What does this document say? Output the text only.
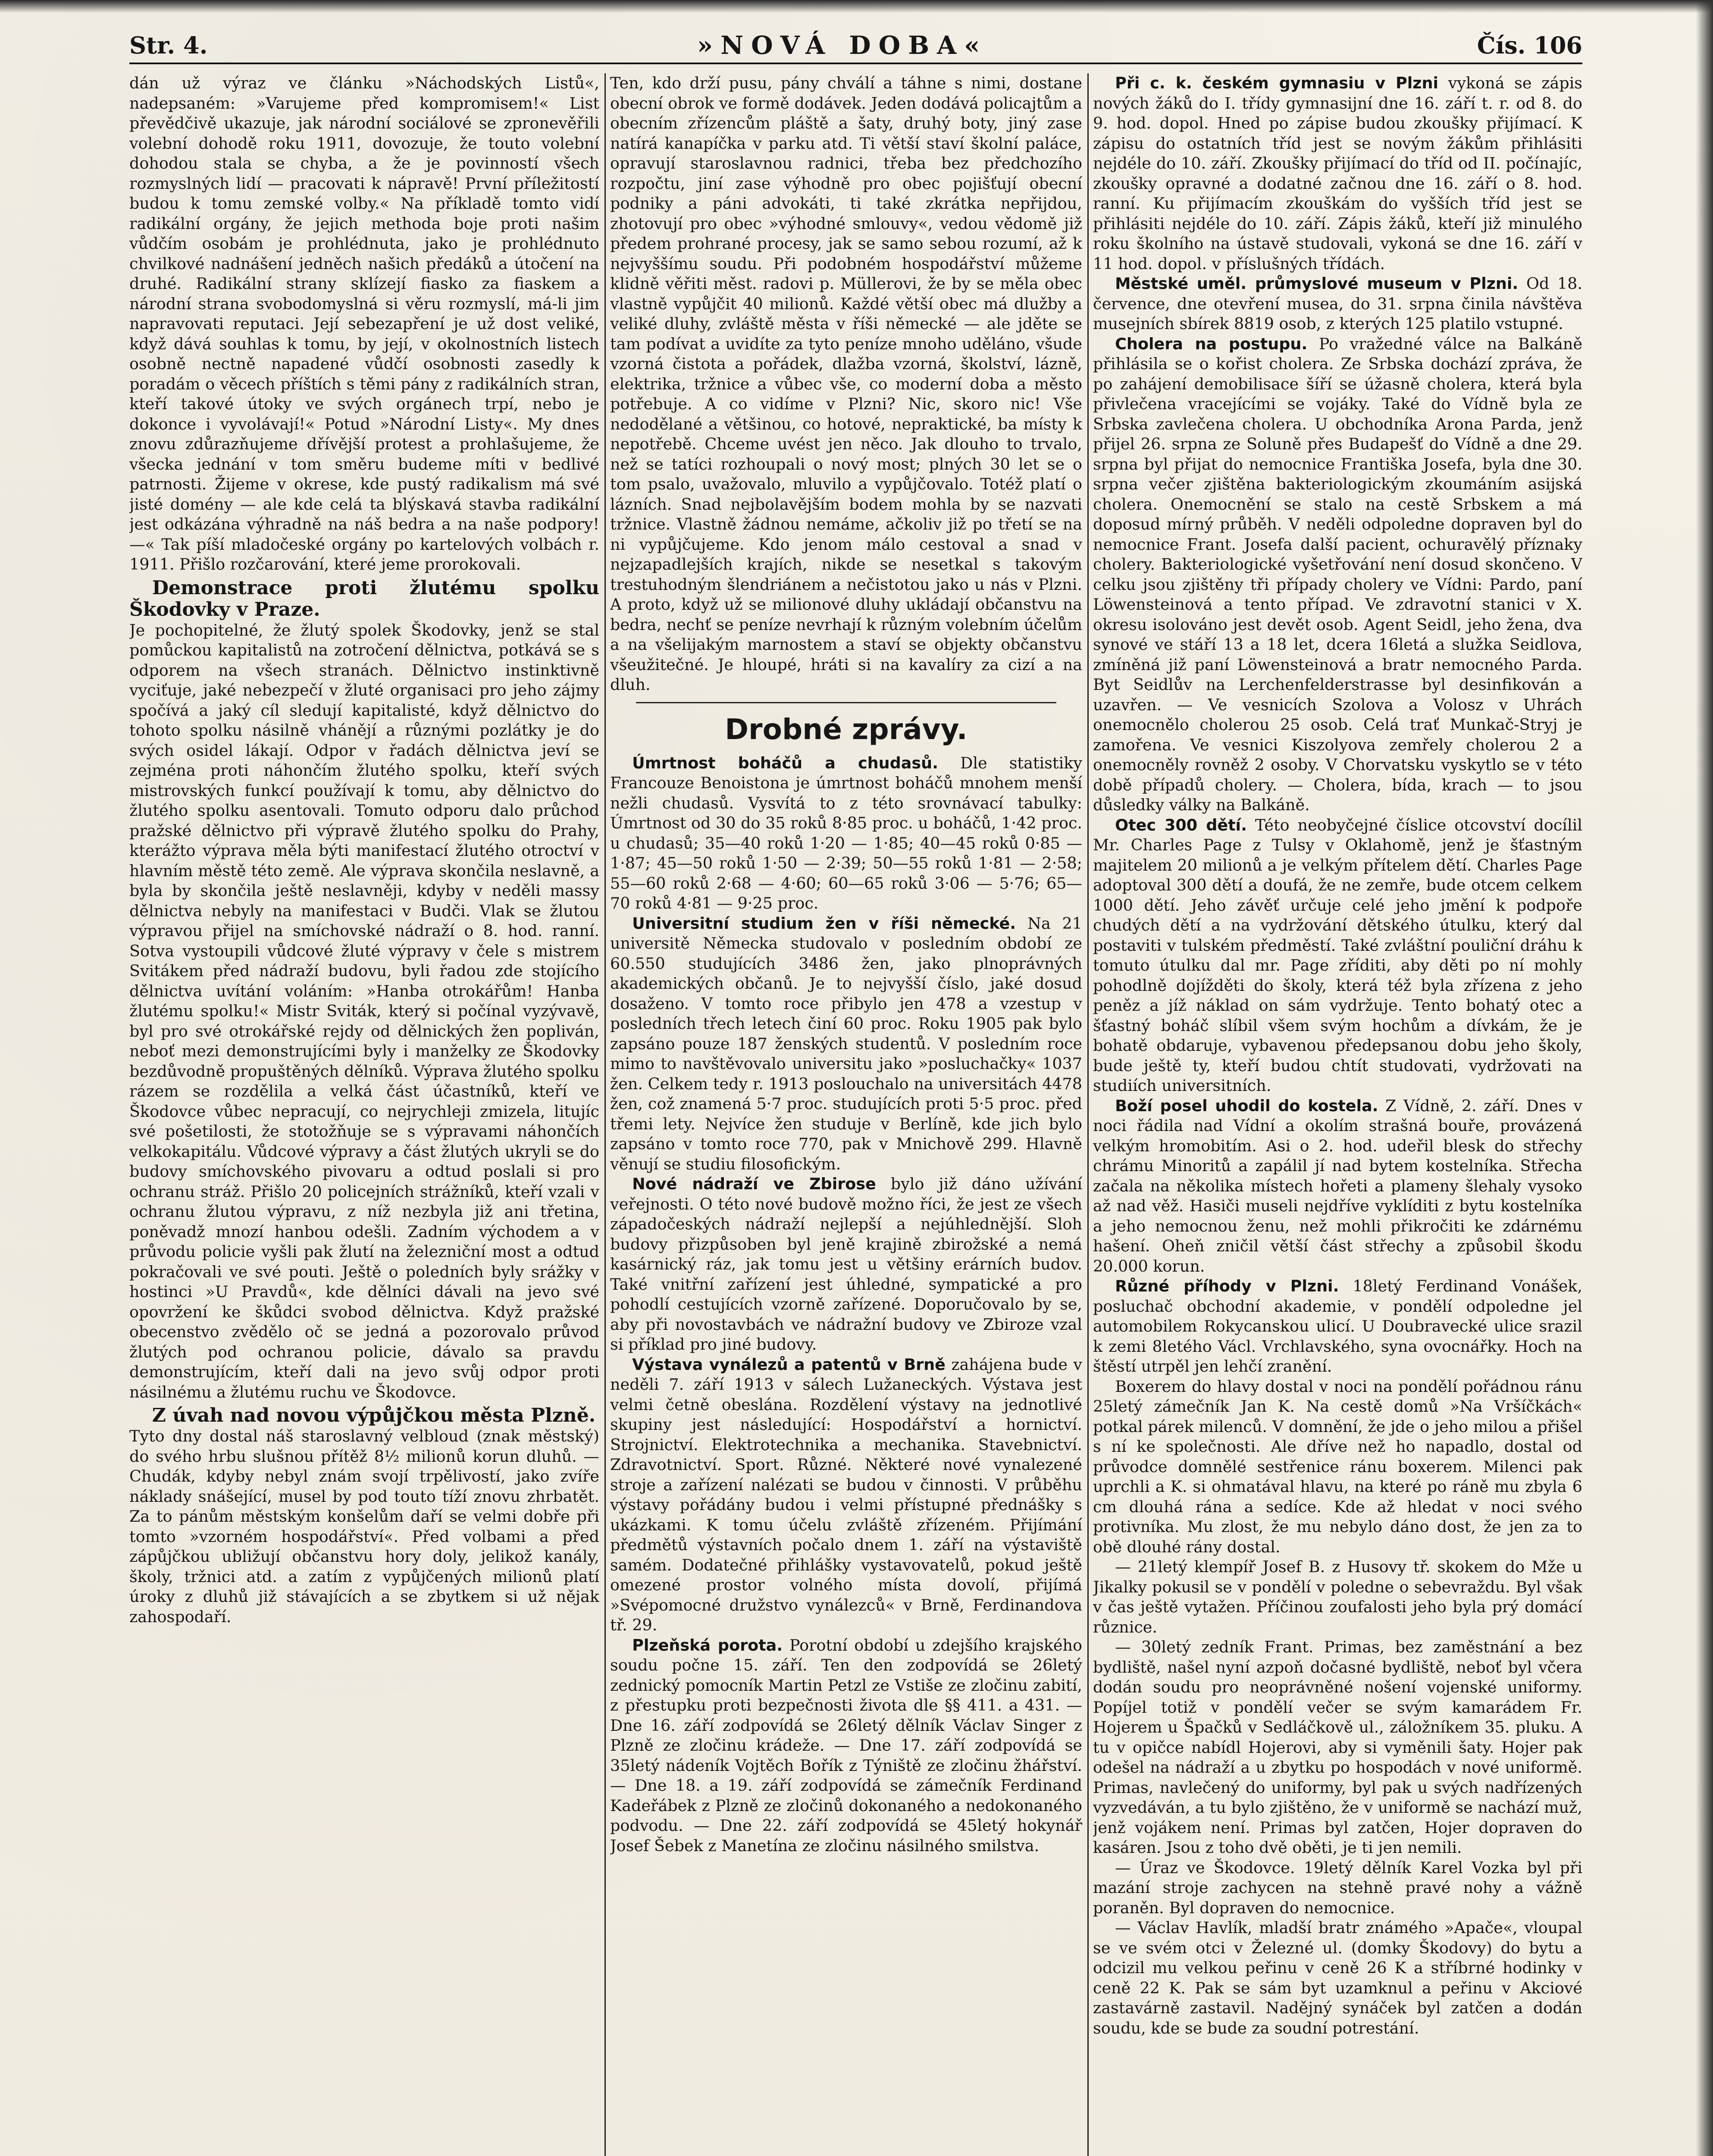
Str. 4.	»NOVÁ DOBA«	Čís. 106

dán už výraz ve článku »Náchodských Listů«, nadepsaném: »Varujeme před kompromisem!« List převědčivě ukazuje, jak národní sociálové se zpronevěřili volební dohodě roku 1911, dovozuje, že touto volební dohodou stala se chyba, a že je povinností všech rozmyslných lidí — pracovati k nápravě! První příležitostí budou k tomu zemské volby.« Na příkladě tomto vidí radikální orgány, že jejich methoda boje proti našim vůdčím osobám je prohlédnuta, jako je prohlédnuto chvilkové nadnášení jedněch našich předáků a útočení na druhé. Radikální strany sklízejí fiasko za fiaskem a národní strana svobodomyslná si věru rozmyslí, má-li jim napravovati reputaci. Její sebezapření je už dost veliké, když dává souhlas k tomu, by její, v okolnostních listech osobně nectně napadené vůdčí osobnosti zasedly k poradám o věcech příštích s těmi pány z radikálních stran, kteří takové útoky ve svých orgánech trpí, nebo je dokonce i vyvolávají!« Potud »Národní Listy«. My dnes znovu zdůrazňujeme dřívější protest a prohlašujeme, že všecka jednání v tom směru budeme míti v bedlivé patrnosti. Žijeme v okrese, kde pustý radikalism má své jisté domény — ale kde celá ta blýskavá stavba radikální jest odkázána výhradně na náš bedra a na naše podpory! —« Tak píší mladočeské orgány po kartelových volbách r. 1911. Přišlo rozčarování, které jeme prorokovali.

Demonstrace proti žlutému spolku Škodovky v Praze.

Je pochopitelné, že žlutý spolek Škodovky, jenž se stal pomůckou kapitalistů na zotročení dělnictva, potkává se s odporem na všech stranách. Dělnictvo instinktivně vyciťuje, jaké nebezpečí v žluté organisaci pro jeho zájmy spočívá a jaký cíl sledují kapitalisté, když dělnictvo do tohoto spolku násilně vhánějí a různými pozlátky je do svých osidel lákají. Odpor v řadách dělnictva jeví se zejména proti náhončím žlutého spolku, kteří svých mistrovských funkcí používají k tomu, aby dělnictvo do žlutého spolku asentovali. Tomuto odporu dalo průchod pražské dělnictvo při výpravě žlutého spolku do Prahy, kterážto výprava měla býti manifestací žlutého otroctví v hlavním městě této země. Ale výprava skončila neslavně, a byla by skončila ještě neslavněji, kdyby v neděli massy dělnictva nebyly na manifestaci v Budči. Vlak se žlutou výpravou přijel na smíchovské nádraží o 8. hod. ranní. Sotva vystoupili vůdcové žluté výpravy v čele s mistrem Svitákem před nádraží budovu, byli řadou zde stojícího dělnictva uvítání voláním: »Hanba otrokářům! Hanba žlutému spolku!« Mistr Sviták, který si počínal vyzývavě, byl pro své otrokářské rejdy od dělnických žen popliván, neboť mezi demonstrujícími byly i manželky ze Škodovky bezdůvodně propuštěných dělníků. Výprava žlutého spolku rázem se rozdělila a velká část účastníků, kteří ve Škodovce vůbec nepracují, co nejrychleji zmizela, litujíc své pošetilosti, že stotožňuje se s výpravami náhončích velkokapitálu. Vůdcové výpravy a část žlutých ukryli se do budovy smíchovského pivovaru a odtud poslali si pro ochranu stráž. Přišlo 20 policejních strážníků, kteří vzali v ochranu žlutou výpravu, z níž nezbyla již ani třetina, poněvadž mnozí hanbou odešli. Zadním východem a v průvodu policie vyšli pak žlutí na železniční most a odtud pokračovali ve své pouti. Ještě o poledních byly srážky v hostinci »U Pravdů«, kde dělníci dávali na jevo své opovržení ke škůdci svobod dělnictva. Když pražské obecenstvo zvědělo oč se jedná a pozorovalo průvod žlutých pod ochranou policie, dávalo sa pravdu demonstrujícím, kteří dali na jevo svůj odpor proti násilnému a žlutému ruchu ve Škodovce.

Z úvah nad novou výpůjčkou města Plzně.

Tyto dny dostal náš staroslavný velbloud (znak městský) do svého hrbu slušnou přítěž 8½ milionů korun dluhů. — Chudák, kdyby nebyl znám svojí trpělivostí, jako zvíře náklady snášející, musel by pod touto tíží znovu zhrbatět. Za to pánům městským konšelům daří se velmi dobře při tomto »vzorném hospodářství«. Před volbami a před zápůjčkou ubližují občanstvu hory doly, jelikož kanály, školy, tržnici atd. a zatím z vypůjčených milionů platí úroky z dluhů již stávajících a se zbytkem si už nějak zahospodaří.

Ten, kdo drží pusu, pány chválí a táhne s nimi, dostane obecní obrok ve formě dodávek. Jeden dodává policajtům a obecním zřízencům pláště a šaty, druhý boty, jiný zase natírá kanapíčka v parku atd. Ti větší staví školní paláce, opravují staroslavnou radnici, třeba bez předchozího rozpočtu, jiní zase výhodně pro obec pojišťují obecní podniky a páni advokáti, ti také zkrátka nepřijdou, zhotovují pro obec »výhodné smlouvy«, vedou vědomě již předem prohrané procesy, jak se samo sebou rozumí, až k nejvyššímu soudu. Při podobném hospodářství můžeme klidně věřiti měst. radovi p. Müllerovi, že by se měla obec vlastně vypůjčit 40 milionů. Každé větší obec má dlužby a veliké dluhy, zvláště města v říši německé — ale jděte se tam podívat a uvidíte za tyto peníze mnoho udělánо, všude vzorná čistota a pořádek, dlažba vzorná, školství, lázně, elektrika, tržnice a vůbec vše, co moderní doba a město potřebuje. A co vidíme v Plzni? Nic, skoro nic! Vše nedodělané a většinou, co hotové, nepraktické, ba místy k nepotřebě. Chceme uvést jen něco. Jak dlouho to trvalo, než se tatíci rozhoupali o nový most; plných 30 let se o tom psalo, uvažovalo, mluvilo a vypůjčovalo. Totéž platí o lázních. Snad nejbolavějším bodem mohla by se nazvati tržnice. Vlastně žádnou nemáme, ačkoliv již po třetí se na ni vypůjčujeme. Kdo jenom málo cestoval a snad v nejzapadlejších krajích, nikde se nesetkal s takovým trestuhodným šlendriánem a nečistotou jako u nás v Plzni. A proto, když už se milionové dluhy ukládají občanstvu na bedra, nechť se peníze nevrhají k různým volebním účelům a na všelijakým marnostem a staví se objekty občanstvu všeužitečné. Je hloupé, hráti si na kavalíry za cizí a na dluh.

Drobné zprávy.

Úmrtnost boháčů a chudasů. Dle statistiky Francouze Benoistona je úmrtnost boháčů mnohem menší nežli chudasů. Vysvítá to z této srovnávací tabulky: Úmrtnost od 30 do 35 roků 8·85 proc. u boháčů, 1·42 proc. u chudasů; 35—40 roků 1·20 — 1·85; 40—45 roků 0·85 — 1·87; 45—50 roků 1·50 — 2·39; 50—55 roků 1·81 — 2·58; 55—60 roků 2·68 — 4·60; 60—65 roků 3·06 — 5·76; 65—70 roků 4·81 — 9·25 proc.

Universitní studium žen v říši německé. Na 21 universitě Německa studovalo v posledním období ze 60.550 studujících 3486 žen, jako plnoprávných akademických občanů. Je to nejvyšší číslo, jaké dosud dosaženo. V tomto roce přibylo jen 478 a vzestup v posledních třech letech činí 60 proc. Roku 1905 pak bylo zapsáno pouze 187 ženských studentů. V posledním roce mimo to navštěvovalo universitu jako »posluchačky« 1037 žen. Celkem tedy r. 1913 poslouchalo na universitách 4478 žen, což znamená 5·7 proc. studujících proti 5·5 proc. před třemi lety. Nejvíce žen studuje v Berlíně, kde jich bylo zapsáno v tomto roce 770, pak v Mnichově 299. Hlavně věnují se studiu filosofickým.

Nové nádraží ve Zbirose bylo již dáno užívání veřejnosti. O této nové budově možno říci, že jest ze všech západočeských nádraží nejlepší a nejúhlednější. Sloh budovy přizpůsoben byl jeně krajině zbirožské a nemá kasárnický ráz, jak tomu jest u většiny erárních budov. Také vnitřní zařízení jest úhledné, sympatické a pro pohodlí cestujících vzorně zařízené. Doporučovalo by se, aby při novostavbách ve nádražní budovy ve Zbiroze vzal si příklad pro jiné budovy.

Výstava vynálezů a patentů v Brně zahájena bude v neděli 7. září 1913 v sálech Lužaneckých. Výstava jest velmi četně obeslána. Rozdělení výstavy na jednotlivé skupiny jest následující: Hospodářství a hornictví. Strojnictví. Elektrotechnika a mechanika. Stavebnictví. Zdravotnictví. Sport. Různé. Některé nové vynalezené stroje a zařízení nalézati se budou v činnosti. V průběhu výstavy pořádány budou i velmi přístupné přednášky s ukázkami. K tomu účelu zvláště zřízeném. Přijímání předmětů výstavních počalo dnem 1. září na výstaviště samém. Dodatečné přihlášky vystavovatelů, pokud ještě omezené prostor volného místa dovolí, přijímá »Svépomocné družstvo vynálezců« v Brně, Ferdinandova tř. 29.

Plzeňská porota. Porotní období u zdejšího krajského soudu počne 15. září. Ten den zodpovídá se 26letý zednický pomocník Martin Petzl ze Vstiše ze zločinu zabití, z přestupku proti bezpečnosti života dle §§ 411. a 431. — Dne 16. září zodpovídá se 26letý dělník Václav Singer z Plzně ze zločinu krádeže. — Dne 17. září zodpovídá se 35letý nádeník Vojtěch Bořík z Týniště ze zločinu žhářství. — Dne 18. a 19. září zodpovídá se zámečník Ferdinand Kadeřábek z Plzně ze zločinů dokonaného a nedokonaného podvodu. — Dne 22. září zodpovídá se 45letý hokynář Josef Šebek z Manetína ze zločinu násilného smilstva.

Při c. k. českém gymnasiu v Plzni vykoná se zápis nových žáků do I. třídy gymnasijní dne 16. září t. r. od 8. do 9. hod. dopol. Hned po zápise budou zkoušky přijímací. K zápisu do ostatních tříd jest se novým žákům přihlásiti nejdéle do 10. září. Zkoušky přijímací do tříd od II. počínajíc, zkoušky opravné a dodatné začnou dne 16. září o 8. hod. ranní. Ku přijímacím zkouškám do vyšších tříd jest se přihlásiti nejdéle do 10. září. Zápis žáků, kteří již minulého roku školního na ústavě studovali, vykoná se dne 16. září v 11 hod. dopol. v příslušných třídách.

Městské uměl. průmyslové museum v Plzni. Od 18. července, dne otevření musea, do 31. srpna činila návštěva musejních sbírek 8819 osob, z kterých 125 platilo vstupné.

Cholera na postupu. Po vražedné válce na Balkáně přihlásila se o kořist cholera. Ze Srbska dochází zpráva, že po zahájení demobilisace šíří se úžasně cholera, která byla přivlečena vracejícími se vojáky. Také do Vídně byla ze Srbska zavlečena cholera. U obchodníka Arona Parda, jenž přijel 26. srpna ze Soluně přes Budapešť do Vídně a dne 29. srpna byl přijat do nemocnice Františka Josefa, byla dne 30. srpna večer zjištěna bakteriologickým zkoumáním asijská cholera. Onemocnění se stalo na cestě Srbskem a má doposud mírný průběh. V neděli odpoledne dopraven byl do nemocnice Frant. Josefa další pacient, ochuravělý příznaky cholery. Bakteriologické vyšetřování není dosud skončeno. V celku jsou zjištěny tři případy cholery ve Vídni: Pardo, paní Löwensteinová a tento případ. Ve zdravotní stanici v X. okresu isolováno jest devět osob. Agent Seidl, jeho žena, dva synové ve stáří 13 a 18 let, dcera 16letá a služka Seidlova, zmíněná již paní Löwensteinová a bratr nemocného Parda. Byt Seidlův na Lerchenfelderstrasse byl desinfikován a uzavřen. — Ve vesnicích Szolova a Volosz v Uhrách onemocnělo cholerou 25 osob. Celá trať Munkač-Stryj je zamořena. Ve vesnici Kiszolyova zemřely cholerou 2 a onemocněly rovněž 2 osoby. V Chorvatsku vyskytlo se v této době případů cholery. — Cholera, bída, krach — to jsou důsledky války na Balkáně.

Otec 300 dětí. Této neobyčejné číslice otcovství docílil Mr. Charles Page z Tulsy v Oklahomě, jenž je šťastným majitelem 20 milionů a je velkým přítelem dětí. Charles Page adoptoval 300 dětí a doufá, že ne zemře, bude otcem celkem 1000 dětí. Jeho závěť určuje celé jeho jmění k podpoře chudých dětí a na vydržování dětského útulku, který dal postaviti v tulském předměstí. Také zvláštní pouliční dráhu k tomuto útulku dal mr. Page zříditi, aby děti po ní mohly pohodlně dojížděti do školy, která též byla zřízena z jeho peněz a jíž náklad on sám vydržuje. Tento bohatý otec a šťastný boháč slíbil všem svým hochům a dívkám, že je bohatě obdaruje, vybavenou předepsanou dobu jeho školy, bude ještě ty, kteří budou chtít studovati, vydržovati na studiích universitních.

Boží posel uhodil do kostela. Z Vídně, 2. září. Dnes v noci řádila nad Vídní a okolím strašná bouře, provázená velkým hromobitím. Asi o 2. hod. udeřil blesk do střechy chrámu Minoritů a zapálil jí nad bytem kostelníka. Střecha začala na několika místech hořeti a plameny šlehaly vysoko až nad věž. Hasiči museli nejdříve vyklíditi z bytu kostelníka a jeho nemocnou ženu, než mohli přikročiti ke zdárnému hašení. Oheň zničil větší část střechy a způsobil škodu 20.000 korun.

Různé příhody v Plzni. 18letý Ferdinand Vonášek, posluchač obchodní akademie, v pondělí odpoledne jel automobilem Rokycanskou ulicí. U Doubravecké ulice srazil k zemi 8letého Václ. Vrchlavského, syna ovocnářky. Hoch na štěstí utrpěl jen lehčí zranění.

Boxerem do hlavy dostal v noci na pondělí pořádnou ránu 25letý zámečník Jan K. Na cestě domů »Na Vršíčkách« potkal párek milenců. V domnění, že jde o jeho milou a přišel s ní ke společnosti. Ale dříve než ho napadlo, dostal od průvodce domnělé sestřenice ránu boxerem. Milenci pak uprchli a K. si ohmatával hlavu, na které po ráně mu zbyla 6 cm dlouhá rána a sedíce. Kde až hledat v noci svého protivníka. Mu zlost, že mu nebylo dáno dost, že jen za to obě dlouhé rány dostal.

— 21letý klempíř Josef B. z Husovy tř. skokem do Mže u Jikalky pokusil se v pondělí v poledne o sebevraždu. Byl však v čas ještě vytažen. Příčinou zoufalosti jeho byla prý domácí různice.

— 30letý zedník Frant. Primas, bez zaměstnání a bez bydliště, našel nyní azpoň dočasné bydliště, neboť byl včera dodán soudu pro neoprávněné nošení vojenské uniformy. Popíjel totiž v pondělí večer se svým kamarádem Fr. Hojerem u Špačků v Sedláčkově ul., záložníkem 35. pluku. A tu v opičce nabídl Hojerovi, aby si vyměnili šaty. Hojer pak odešel na nádraží a u zbytku po hospodách v nové uniformě. Primas, navlečený do uniformy, byl pak u svých nadřízených vyzvedáván, a tu bylo zjištěno, že v uniformě se nachází muž, jenž vojákem není. Primas byl zatčen, Hojer dopraven do kasáren. Jsou z toho dvě oběti, je ti jen nemili.

— Úraz ve Škodovce. 19letý dělník Karel Vozka byl při mazání stroje zachycen na stehně pravé nohy a vážně poraněn. Byl dopraven do nemocnice.

— Václav Havlík, mladší bratr známého »Apače«, vloupal se ve svém otci v Železné ul. (domky Škodovy) do bytu a odcizil mu velkou peřinu v ceně 26 K a stříbrné hodinky v ceně 22 K. Pak se sám byt uzamknul a peřinu v Akciové zastavárně zastavil. Nadějný synáček byl zatčen a dodán soudu, kde se bude za soudní potrestání.
